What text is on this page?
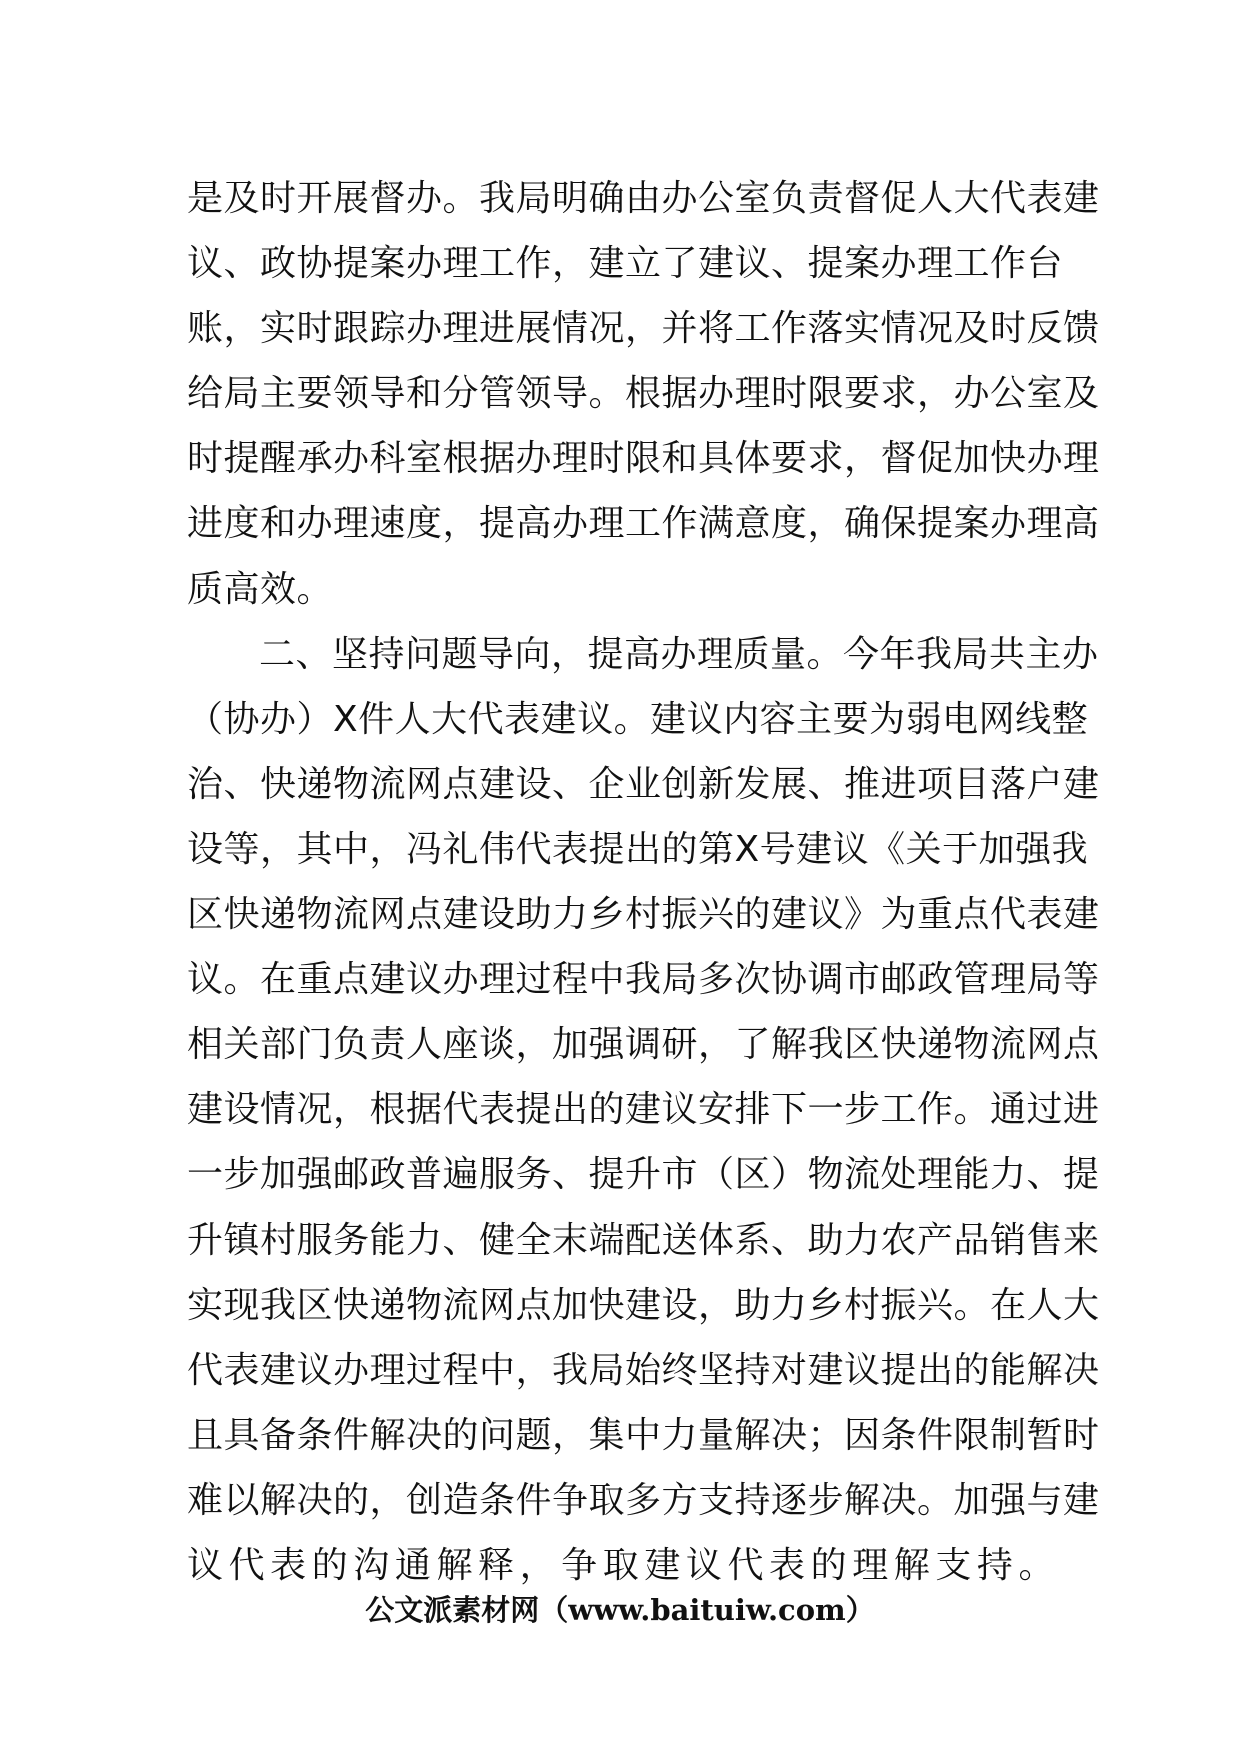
是及时开展督办。我局明确由办公室负责督促人大代表建
议、政协提案办理工作，建立了建议、提案办理工作台
账，实时跟踪办理进展情况，并将工作落实情况及时反馈
给局主要领导和分管领导。根据办理时限要求，办公室及
时提醒承办科室根据办理时限和具体要求，督促加快办理
进度和办理速度，提高办理工作满意度，确保提案办理高
质高效。
二、坚持问题导向，提高办理质量。今年我局共主办
（协办）X件人大代表建议。建议内容主要为弱电网线整
治、快递物流网点建设、企业创新发展、推进项目落户建
设等，其中，冯礼伟代表提出的第X号建议《关于加强我
区快递物流网点建设助力乡村振兴的建议》为重点代表建
议。在重点建议办理过程中我局多次协调市邮政管理局等
相关部门负责人座谈，加强调研，了解我区快递物流网点
建设情况，根据代表提出的建议安排下一步工作。通过进
一步加强邮政普遍服务、提升市（区）物流处理能力、提
升镇村服务能力、健全末端配送体系、助力农产品销售来
实现我区快递物流网点加快建设，助力乡村振兴。在人大
代表建议办理过程中，我局始终坚持对建议提出的能解决
且具备条件解决的问题，集中力量解决；因条件限制暂时
难以解决的，创造条件争取多方支持逐步解决。加强与建
议代表的沟通解释，争取建议代表的理解支持。
公文派素材网（www.baituiw.com）
